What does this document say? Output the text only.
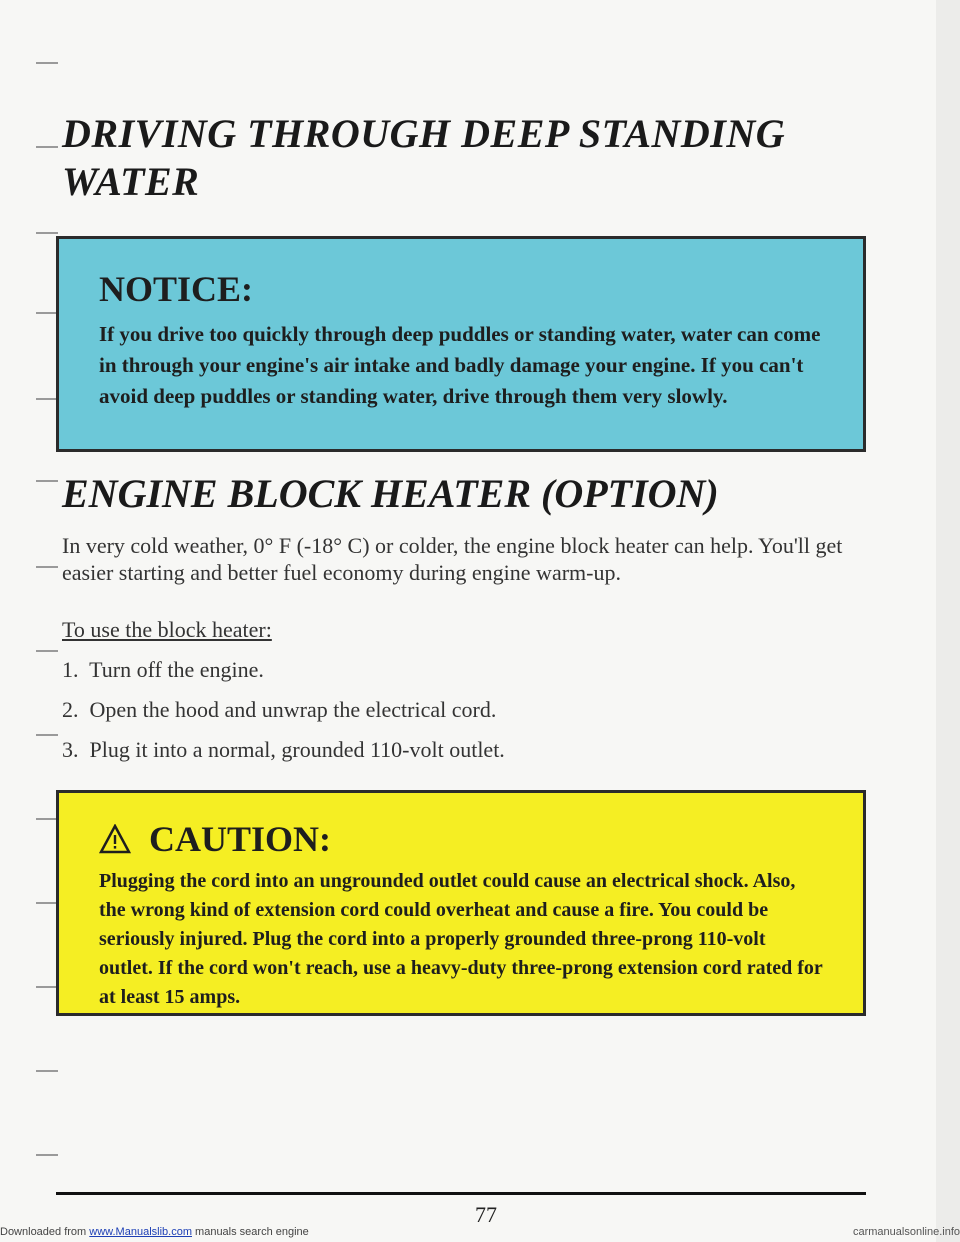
DRIVING THROUGH DEEP STANDING WATER
NOTICE:
If you drive too quickly through deep puddles or standing water, water can come in through your engine's air intake and badly damage your engine. If you can't avoid deep puddles or standing water, drive through them very slowly.
ENGINE BLOCK HEATER (OPTION)
In very cold weather, 0° F (-18° C) or colder, the engine block heater can help. You'll get easier starting and better fuel economy during engine warm-up.
To use the block heater:
1. Turn off the engine.
2. Open the hood and unwrap the electrical cord.
3. Plug it into a normal, grounded 110-volt outlet.
CAUTION:
Plugging the cord into an ungrounded outlet could cause an electrical shock. Also, the wrong kind of extension cord could overheat and cause a fire. You could be seriously injured. Plug the cord into a properly grounded three-prong 110-volt outlet. If the cord won't reach, use a heavy-duty three-prong extension cord rated for at least 15 amps.
77
Downloaded from www.Manualslib.com manuals search engine	carmanualsonline.info
